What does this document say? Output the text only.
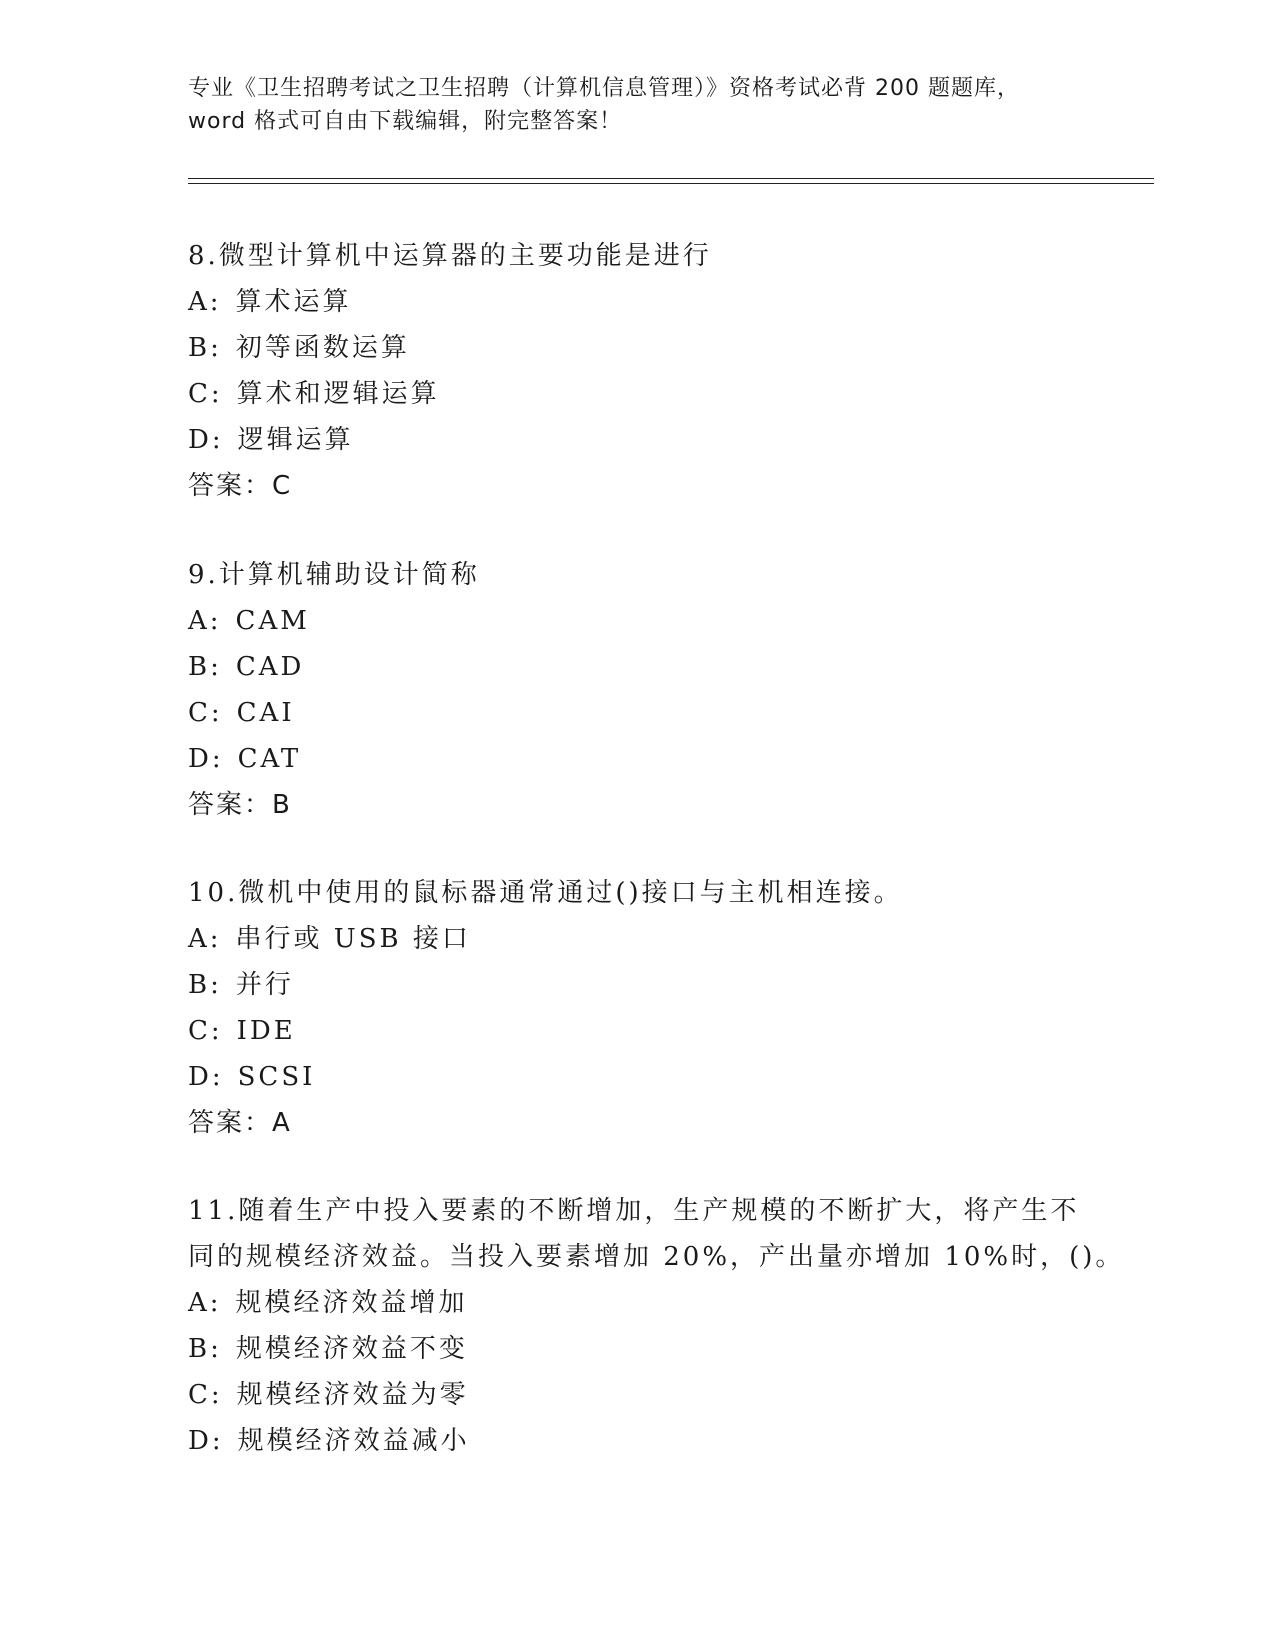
专业《卫生招聘考试之卫生招聘（计算机信息管理）》资格考试必背 200 题题库，
word 格式可自由下载编辑，附完整答案！
8.微型计算机中运算器的主要功能是进行
A: 算术运算
B: 初等函数运算
C: 算术和逻辑运算
D: 逻辑运算
答案：C
9.计算机辅助设计简称
A: CAM
B: CAD
C: CAI
D: CAT
答案：B
10.微机中使用的鼠标器通常通过()接口与主机相连接。
A: 串行或 USB 接口
B: 并行
C: IDE
D: SCSI
答案：A
11.随着生产中投入要素的不断增加，生产规模的不断扩大，将产生不
同的规模经济效益。当投入要素增加 20%，产出量亦增加 10%时，()。
A: 规模经济效益增加
B: 规模经济效益不变
C: 规模经济效益为零
D: 规模经济效益减小
